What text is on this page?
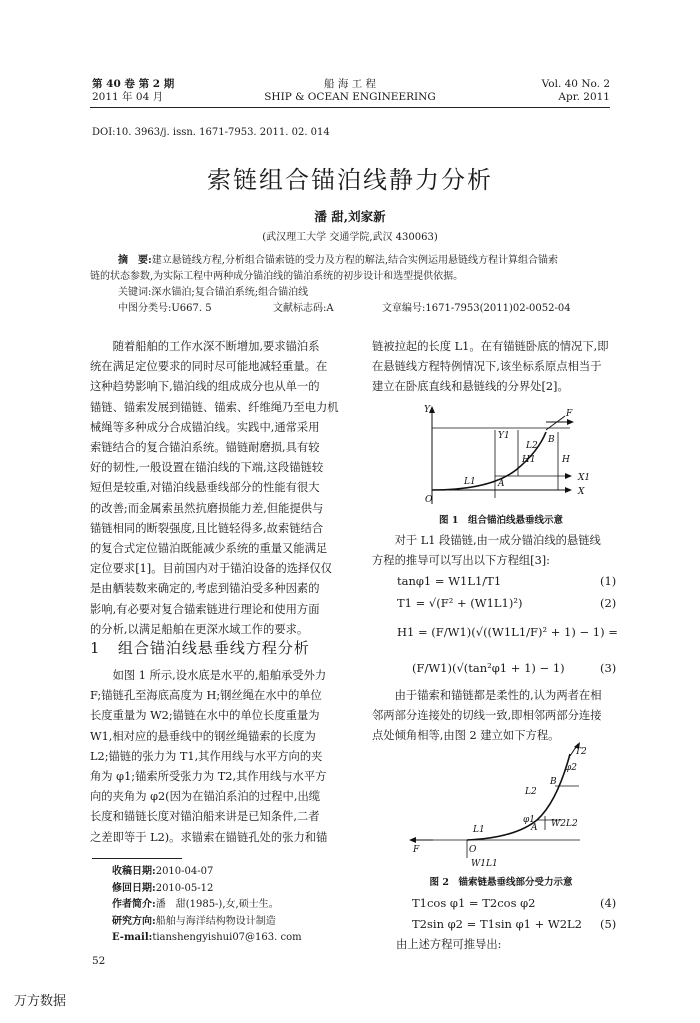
第 40 卷 第 2 期
2011 年 04 月
船 海 工 程
SHIP & OCEAN ENGINEERING
Vol. 40 No. 2
Apr. 2011
DOI:10. 3963/j. issn. 1671-7953. 2011. 02. 014
索链组合锚泊线静力分析
潘 甜,刘家新
(武汉理工大学 交通学院,武汉 430063)
摘　要:建立悬链线方程,分析组合锚索链的受力及方程的解法,结合实例运用悬链线方程计算组合锚索
链的状态参数,为实际工程中两种成分锚泊线的锚泊系统的初步设计和选型提供依据。
关键词:深水锚泊;复合锚泊系统;组合锚泊线
中图分类号:U667. 5	文献标志码:A	文章编号:1671-7953(2011)02-0052-04

随着船舶的工作水深不断增加,要求锚泊系

统在满足定位要求的同时尽可能地减轻重量。在

这种趋势影响下,锚泊线的组成成分也从单一的

锚链、锚索发展到锚链、锚索、纤维绳乃至电力机

械绳等多种成分合成锚泊线。实践中,通常采用

索链结合的复合锚泊系统。锚链耐磨损,具有较

好的韧性,一般设置在锚泊线的下端,这段锚链较

短但是较重,对锚泊线悬垂线部分的性能有很大

的改善;而金属索虽然抗磨损能力差,但能提供与

锚链相同的断裂强度,且比链轻得多,故索链结合

的复合式定位锚泊既能减少系统的重量又能满足

定位要求[1]。目前国内对于锚泊设备的选择仅仅

是由舾装数来确定的,考虑到锚泊受多种因素的

影响,有必要对复合锚索链进行理论和使用方面

的分析,以满足船舶在更深水域工作的要求。

1 组合锚泊线悬垂线方程分析

如图 1 所示,设水底是水平的,船舶承受外力

F;锚链孔至海底高度为 H;钢丝绳在水中的单位

长度重量为 W2;锚链在水中的单位长度重量为

W1,相对应的悬垂线中的钢丝绳锚索的长度为

L2;锚链的张力为 T1,其作用线与水平方向的夹

角为 φ1;锚索所受张力为 T2,其作用线与水平方

向的夹角为 φ2(因为在锚泊系泊的过程中,出缆

长度和锚链长度对锚泊船来讲是已知条件,二者

之差即等于 L2)。求锚索在锚链孔处的张力和锚

收稿日期:2010-04-07
修回日期:2010-05-12
作者简介:潘　甜(1985-),女,硕士生。
研究方向:船舶与海洋结构物设计制造
E-mail:tianshengyishui07@163. com
52
万方数据

链被拉起的长度 L1。在有锚链卧底的情况下,即

在悬链线方程特例情况下,该坐标系原点相当于

建立在卧底直线和悬链线的分界处[2]。

Y	F
Y1
L2
B
H
H1
L1 A
X1
X
O
图 1　组合锚泊线悬垂线示意

对于 L1 段锚链,由一成分锚泊线的悬链线

方程的推导可以写出以下方程组[3]:

tanφ1 = W1L1/T1	(1)
T1 = √(F² + (W1L1)²)	(2)
H1 = (F/W1)(√((W1L1/F)² + 1) − 1) =
(F/W1)(√(tan²φ1 + 1) − 1)	(3)

由于锚索和锚链都是柔性的,认为两者在相

邻两部分连接处的切线一致,即相邻两部分连接

点处倾角相等,由图 2 建立如下方程。

T2
φ2
B
L2
L1
φ1 W2L2
A
F	O
W1L1
图 2　锚索链悬垂线部分受力示意
T1cos φ1 = T2cos φ2	(4)
T2sin φ2 = T1sin φ1 + W2L2 (5)
由上述方程可推导出:
